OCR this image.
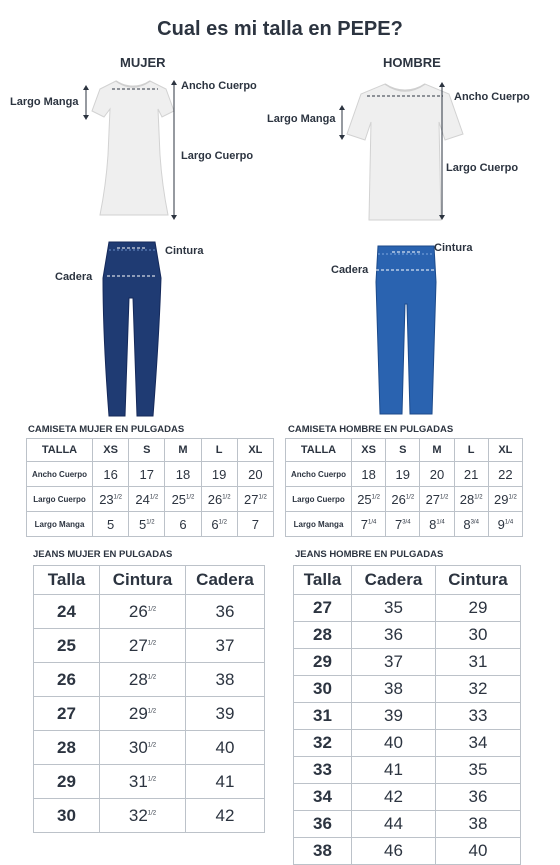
Cual es mi talla en PEPE?
MUJER
Largo Manga
Ancho Cuerpo
Largo Cuerpo
Cintura
Cadera
HOMBRE
Largo Manga
Ancho Cuerpo
Largo Cuerpo
Cintura
Cadera
CAMISETA MUJER EN PULGADAS
TALLA	XS	S	M	L	XL
Ancho Cuerpo	16	17	18	19	20
Largo Cuerpo	$23^{1/2}$	$24^{1/2}$	$25^{1/2}$	$26^{1/2}$	$27^{1/2}$
Largo Manga	5	$5^{1/2}$	6	$6^{1/2}$	7
CAMISETA HOMBRE EN PULGADAS
TALLA	XS	S	M	L	XL
Ancho Cuerpo	18	19	20	21	22
Largo Cuerpo	$25^{1/2}$	$26^{1/2}$	$27^{1/2}$	$28^{1/2}$	$29^{1/2}$
Largo Manga	$7^{1/4}$	$7^{3/4}$	$8^{1/4}$	$8^{3/4}$	$9^{1/4}$
JEANS MUJER EN PULGADAS
Talla	Cintura	Cadera
24	$26^{1/2}$	36
25	$27^{1/2}$	37
26	$28^{1/2}$	38
27	$29^{1/2}$	39
28	$30^{1/2}$	40
29	$31^{1/2}$	41
30	$32^{1/2}$	42
JEANS HOMBRE EN PULGADAS
Talla	Cadera	Cintura
27	35	29
28	36	30
29	37	31
30	38	32
31	39	33
32	40	34
33	41	35
34	42	36
36	44	38
38	46	40
